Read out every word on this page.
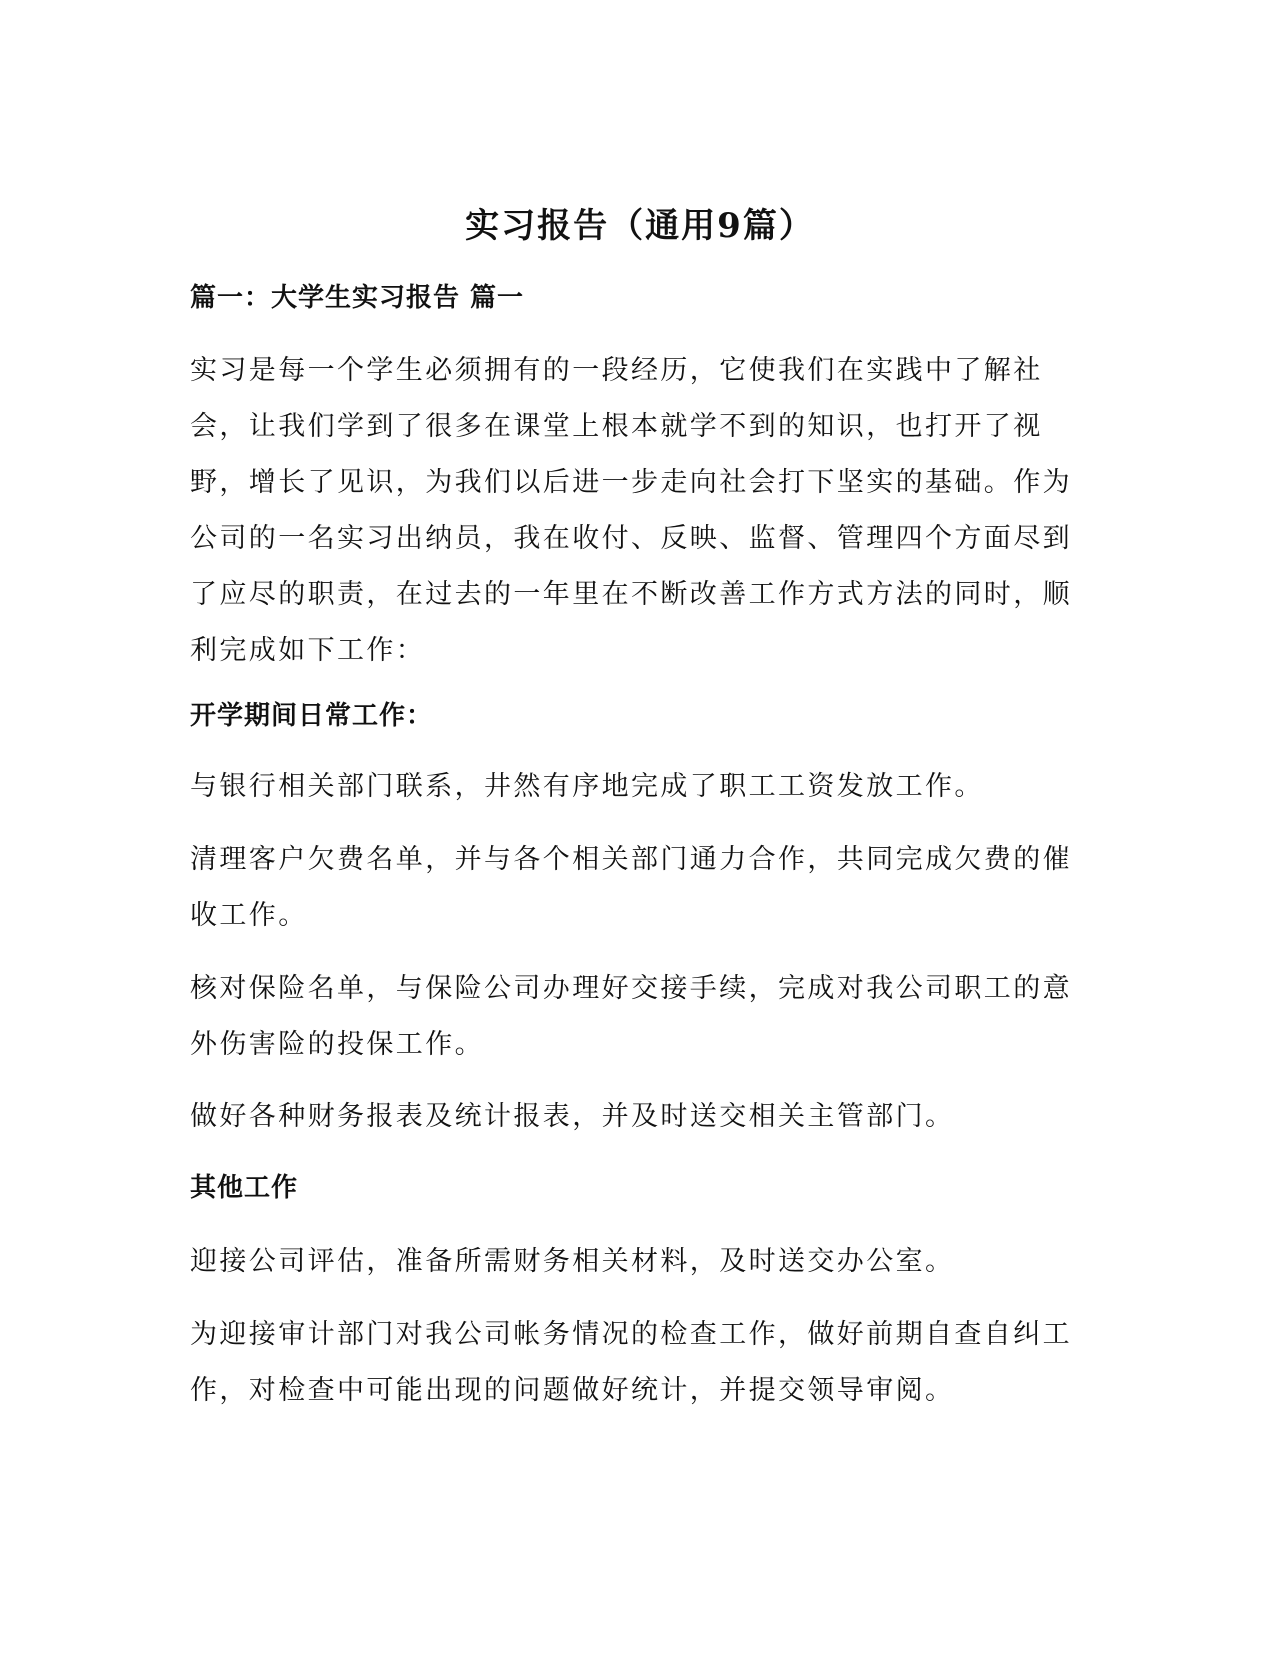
实习报告（通用9篇）
篇一：大学生实习报告 篇一
实习是每一个学生必须拥有的一段经历，它使我们在实践中了解社会，让我们学到了很多在课堂上根本就学不到的知识，也打开了视野，增长了见识，为我们以后进一步走向社会打下坚实的基础。作为公司的一名实习出纳员，我在收付、反映、监督、管理四个方面尽到了应尽的职责，在过去的一年里在不断改善工作方式方法的同时，顺利完成如下工作：
开学期间日常工作：
与银行相关部门联系，井然有序地完成了职工工资发放工作。
清理客户欠费名单，并与各个相关部门通力合作，共同完成欠费的催收工作。
核对保险名单，与保险公司办理好交接手续，完成对我公司职工的意外伤害险的投保工作。
做好各种财务报表及统计报表，并及时送交相关主管部门。
其他工作
迎接公司评估，准备所需财务相关材料，及时送交办公室。
为迎接审计部门对我公司帐务情况的检查工作，做好前期自查自纠工作，对检查中可能出现的问题做好统计，并提交领导审阅。
